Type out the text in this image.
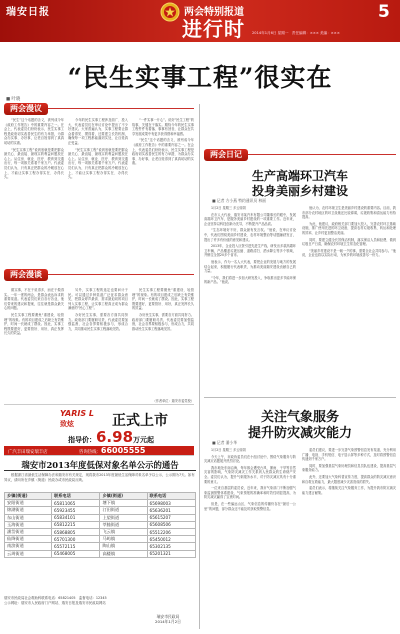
瑞安日报	两会特别报道
进行时
5
2014年1月6日 星期一 责任编辑：××× 美编：×××
“民生实事工程”很实在
■ 叶晓
两会漫议

“民生”这个话题的含义，被列成今年《政府工作报告》中的重要内容之一。在会上，代表委员们纷纷表示，民生实事工程是政府切实改善民生的有力举措，为群众办实事、办好事，让老百姓得到了真真切切的实惠。

“民生实事工程”说到底就是要把群众最关心、最直接、最现实的利益问题放在心上。从住房、就业、医疗、教育到交通出行，每一项都关系着千家万户。代表委员们认为，只有真正把群众的冷暖放在心上，才能让实事工程办得实在、办得长久。

今年的民生实事工程涉及面广、投入大，代表委员们在审议讨论中提出了不少好建议。大家普遍认为，实事工程要让群众看得见、摸得着，还要建立长效机制，确保每一项工程都能落到实处，让百姓真正受益。

“民生实事工程”说到底就是要把群众最关心、最直接、最现实的利益问题放在心上。从住房、就业、医疗、教育到交通出行，每一项都关系着千家万户。代表委员们认为，只有真正把群众的冷暖放在心上，才能让实事工程办得实在、办得长久。

“一件实事一片心”。说好“民生工程”的故事，关键在于落实。期待今年的民生实事工程件件有着落、事事有回音，让群众在共享发展成果中有更多获得感和幸福感。

“民生”这个话题的含义，被列成今年《政府工作报告》中的重要内容之一。在会上，代表委员们纷纷表示，民生实事工程是政府切实改善民生的有力举措，为群众办实事、办好事，让老百姓得到了真真切切的实惠。

两会漫谈

做实事，不在于说得多，而在于做得实。一年一度的两会，是群众表达诉求的重要渠道。代表委员们来自各行各业，他们带来的建议和提案，往往就是群众最关心的问题。

民生实事工程要避免“重建设、轻管理”的现象。有的项目建成之后缺乏有效维护，时间一长就成了摆设。因此，实事工程既要建好，更要管好、用好，真正发挥长久的效益。

另外，实事工程的选定也要问计于民。可以通过多种渠道广泛征求群众意见，把群众呼声最高、需求最迫切的项目列入实事工程，让实事工程真正成为群众满意的“民心工程”。

办好民生实事，需要各方面共同努力。政府部门要履职尽责，代表委员要加强监督，社会各界要积极参与，形成合力，共同推动民生实事工程落地见效。

民生实事工程要避免“重建设、轻管理”的现象。有的项目建成之后缺乏有效维护，时间一长就成了摆设。因此，实事工程既要建好，更要管好、用好，真正发挥长久的效益。

办好民生实事，需要各方面共同努力。政府部门要履职尽责，代表委员要加强监督，社会各界要积极参与，形成合力，共同推动民生实事工程落地见效。

（作者单位：瑞安市委党校）
YARIS L
致炫	正式上市
指导价：6.98万元起
广汽丰田瑞安瑞丰店	咨询热线：66005555
瑞安市2013年度低保对象名单公示的通告
根据浙江省最低生活保障办法和瑞安市有关规定，现将我市2013年度最低生活保障对象名单予以公示，公示期为7天。如有异议，请向所在乡镇（街道）民政办或市民政局反映。
乡镇(街道)	联系电话	乡镇(街道)	联系电话
安阳街道	65811065	塘下镇	65698003
锦湖街道	65923455	汀田街道	65636201
东山街道	65834101	上望街道	65615207
玉海街道	65812215	莘塍街道	65608506
潘岱街道	65868805	飞云镇	65512206
仙降街道	65701300	马屿镇	65450012
南滨街道	65572115	陶山镇	65302135
云周街道	65468005	高楼镇	65201321
瑞安市民政局社会救助科联系电话：65821405　监督电话：12345
公示网址：瑞安市人民政府门户网站、瑞安日报及瑞安市民政局网站
瑞安市民政局
2014年1月2日
两会日记
生产高端环卫汽车
投身美丽乡村建设
■ 记者 方小燕 特约通讯员 林丽

1月2日 星期三 多云转阴

在市人大代表、瑞安市某汽车有限公司董事长的眼中，发展高端环卫汽车，是服务美丽乡村建设的一项重要工作。近年来，企业坚持以科技创新为先导，不断提升产品品质。

“生态环境好不好，群众最有发言权。”他说，在审议讨论中，代表们围绕美丽乡村建设、农村环境整治等话题踊跃发言，提出了许多有价值的意见和建议。

2013年，企业投入巨资引进先进生产线，研发出多款高端环卫车辆，产品覆盖垃圾压缩、道路清扫、洒水降尘等多个领域，并销往全国20多个省市。

他表示，作为一名人大代表，要把企业的发展与地方的发展结合起来，积极履行代表职责，为推动美丽瑞安建设贡献自己的力量。

“今年，我们将进一步加大研发投入，争取推出更多节能环保的新产品。”他说。

他认为，农村环境卫生是美丽乡村建设的重要内容。目前，我市部分农村地区的环卫设施还比较薄弱，垃圾收集和清运能力有待提高。

为此，他建议，政府相关部门要加大投入，完善农村环卫基础设施，推广使用先进的环卫设备，提高农村垃圾收集、转运和处理的效率，让乡村更加整洁美丽。

同时，要建立健全长效保洁机制，落实保洁人员和经费，做到垃圾日产日清，确保农村环境卫生常态化管理。

“美丽乡村建设不是一朝一夕的事，需要全社会共同参与。”他说，企业也将以实际行动，为家乡的环境改善尽一份力。

关注气象服务
提升防灾减灾能力
■ 记者 潘小华

1月2日 星期三 多云转阴

今天上午，市政协委员们在小组讨论中，围绕气象服务与防灾减灾话题展开热烈讨论。

我市地处东南沿海，每年都会遭受台风、暴雨、干旱等自然灾害的影响，气象防灾减灾工作关系到人民群众的生命财产安全。委员们认为，提升气象服务水平，对于防灾减灾具有十分重要的意义。

一位来自基层的委员说，近年来，我市气象部门不断加强气象监测预警体系建设，气象预报的准确率和时效性明显提高，为防灾减灾赢得了宝贵时间。

但是，在一些偏远山区，气象信息的传播仍存在“最后一公里”的问题，部分群众还不能及时获取预警信息。

委员们建议，要进一步完善气象预警信息发布渠道，充分利用广播、电视、手机短信、电子显示屏等多种方式，及时将预警信息传递到千家万户。

同时，要加强基层气象协理员和信息员队伍建设，提高基层气象服务能力。

此外，还要加大气象科普宣传力度，提高群众的防灾减灾意识和自救互救能力，最大限度减少灾害造成的损失。

委员们表示，将继续关注气象服务工作，为提升我市防灾减灾能力建言献策。
